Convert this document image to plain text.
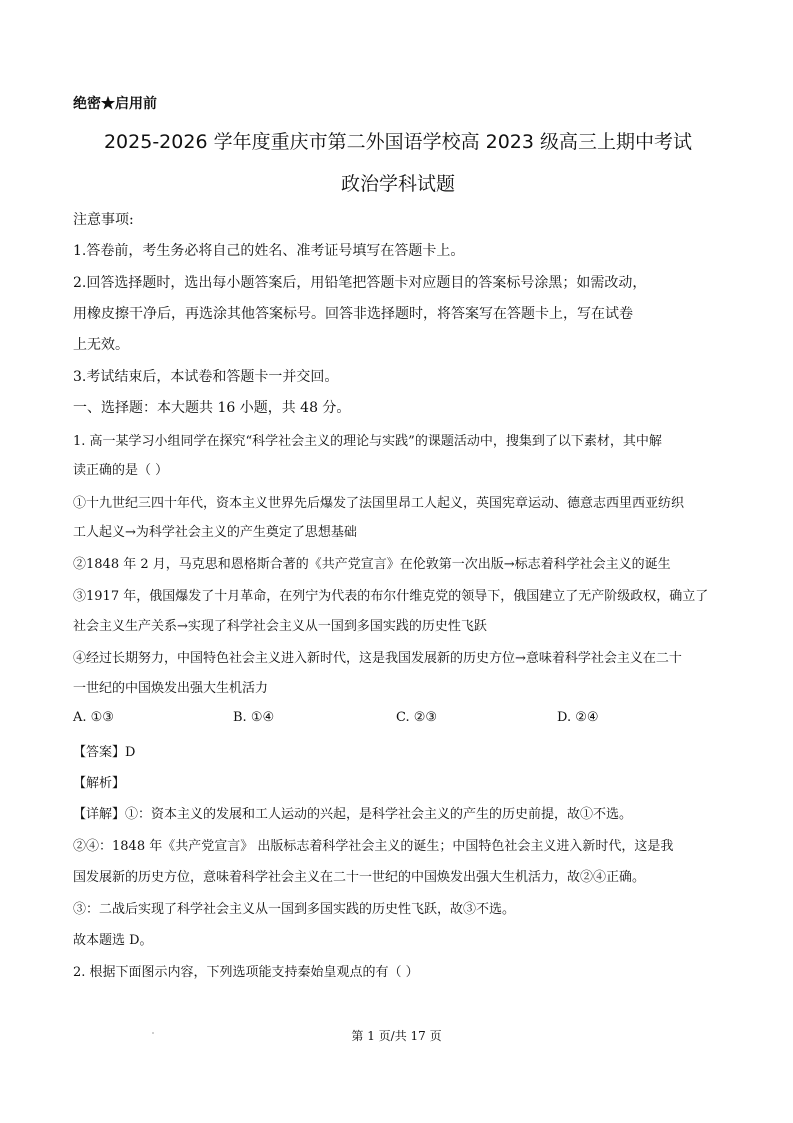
绝密★启用前
2025-2026 学年度重庆市第二外国语学校高 2023 级高三上期中考试
政治学科试题
注意事项:
1.答卷前，考生务必将自己的姓名、准考证号填写在答题卡上。
2.回答选择题时，选出每小题答案后，用铅笔把答题卡对应题目的答案标号涂黑；如需改动，
用橡皮擦干净后，再选涂其他答案标号。回答非选择题时，将答案写在答题卡上，写在试卷
上无效。
3.考试结束后，本试卷和答题卡一并交回。
一、选择题：本大题共 16 小题，共 48 分。
1. 高一某学习小组同学在探究“科学社会主义的理论与实践”的课题活动中，搜集到了以下素材，其中解
读正确的是（ ）
①十九世纪三四十年代，资本主义世界先后爆发了法国里昂工人起义，英国宪章运动、德意志西里西亚纺织
工人起义→为科学社会主义的产生奠定了思想基础
②1848 年 2 月，马克思和恩格斯合著的《共产党宣言》在伦敦第一次出版→标志着科学社会主义的诞生
③1917 年，俄国爆发了十月革命，在列宁为代表的布尔什维克党的领导下，俄国建立了无产阶级政权，确立了
社会主义生产关系→实现了科学社会主义从一国到多国实践的历史性飞跃
④经过长期努力，中国特色社会主义进入新时代，这是我国发展新的历史方位→意味着科学社会主义在二十
一世纪的中国焕发出强大生机活力
A. ①③	B. ①④	C. ②③	D. ②④
【答案】D
【解析】
【详解】①：资本主义的发展和工人运动的兴起，是科学社会主义的产生的历史前提，故①不选。
②④：1848 年《共产党宣言》 出版标志着科学社会主义的诞生；中国特色社会主义进入新时代，这是我
国发展新的历史方位，意味着科学社会主义在二十一世纪的中国焕发出强大生机活力，故②④正确。
③：二战后实现了科学社会主义从一国到多国实践的历史性飞跃，故③不选。
故本题选 D。
2. 根据下面图示内容，下列选项能支持秦始皇观点的有（ ）
第 1 页/共 17 页
